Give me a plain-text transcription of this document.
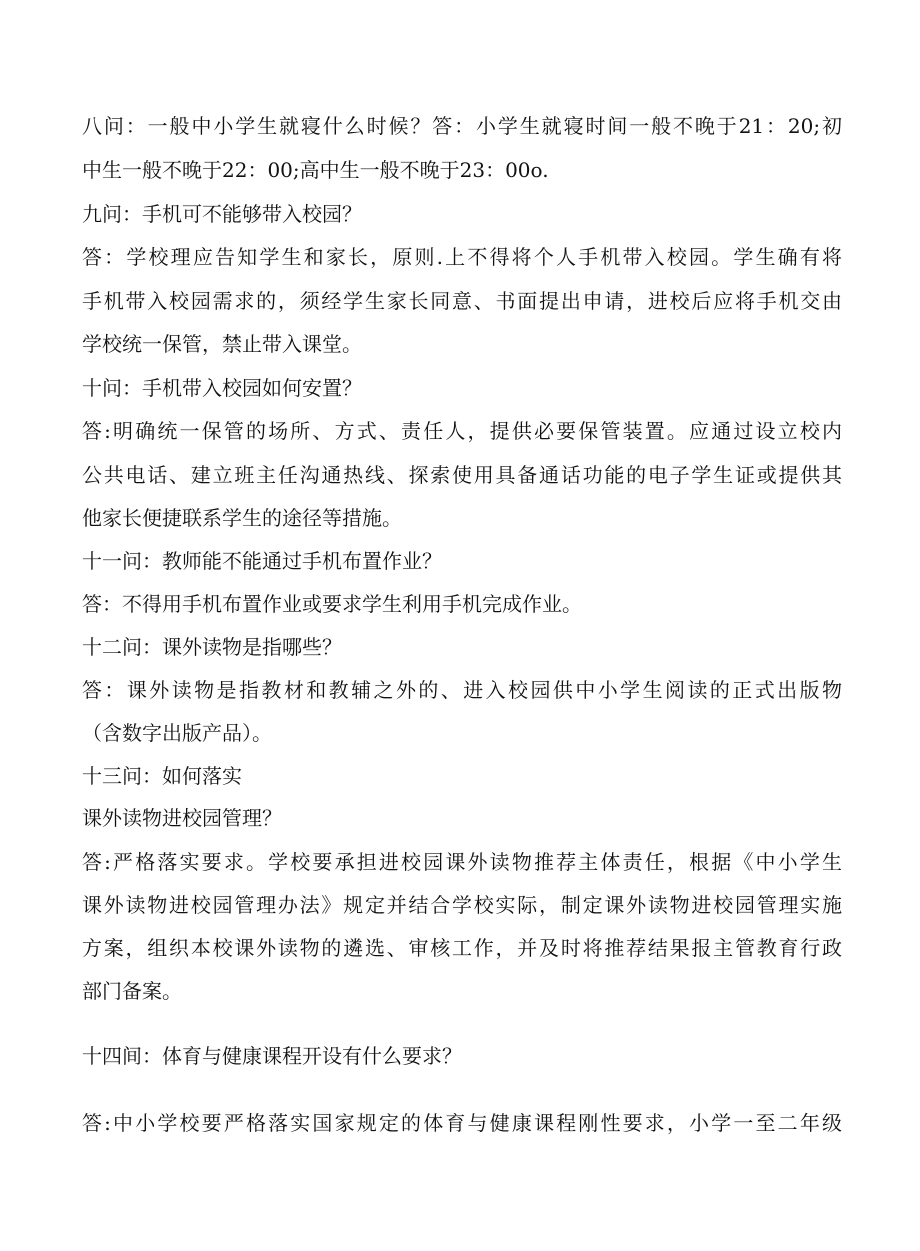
八问：一般中小学生就寝什么时候？答：小学生就寝时间一般不晚于21：20;初
中生一般不晚于22：00;高中生一般不晚于23：00o.
九问：手机可不能够带入校园？
答：学校理应告知学生和家长，原则.上不得将个人手机带入校园。学生确有将
手机带入校园需求的，须经学生家长同意、书面提出申请，进校后应将手机交由
学校统一保管，禁止带入课堂。
十问：手机带入校园如何安置？
答:明确统一保管的场所、方式、责任人，提供必要保管装置。应通过设立校内
公共电话、建立班主任沟通热线、探索使用具备通话功能的电子学生证或提供其
他家长便捷联系学生的途径等措施。
十一问：教师能不能通过手机布置作业？
答：不得用手机布置作业或要求学生利用手机完成作业。
十二问：课外读物是指哪些？
答：课外读物是指教材和教辅之外的、进入校园供中小学生阅读的正式出版物
（含数字出版产品）。
十三问：如何落实
课外读物进校园管理？
答:严格落实要求。学校要承担进校园课外读物推荐主体责任，根据《中小学生
课外读物进校园管理办法》规定并结合学校实际，制定课外读物进校园管理实施
方案，组织本校课外读物的遴选、审核工作，并及时将推荐结果报主管教育行政
部门备案。
十四间：体育与健康课程开设有什么要求？
答:中小学校要严格落实国家规定的体育与健康课程刚性要求，小学一至二年级
